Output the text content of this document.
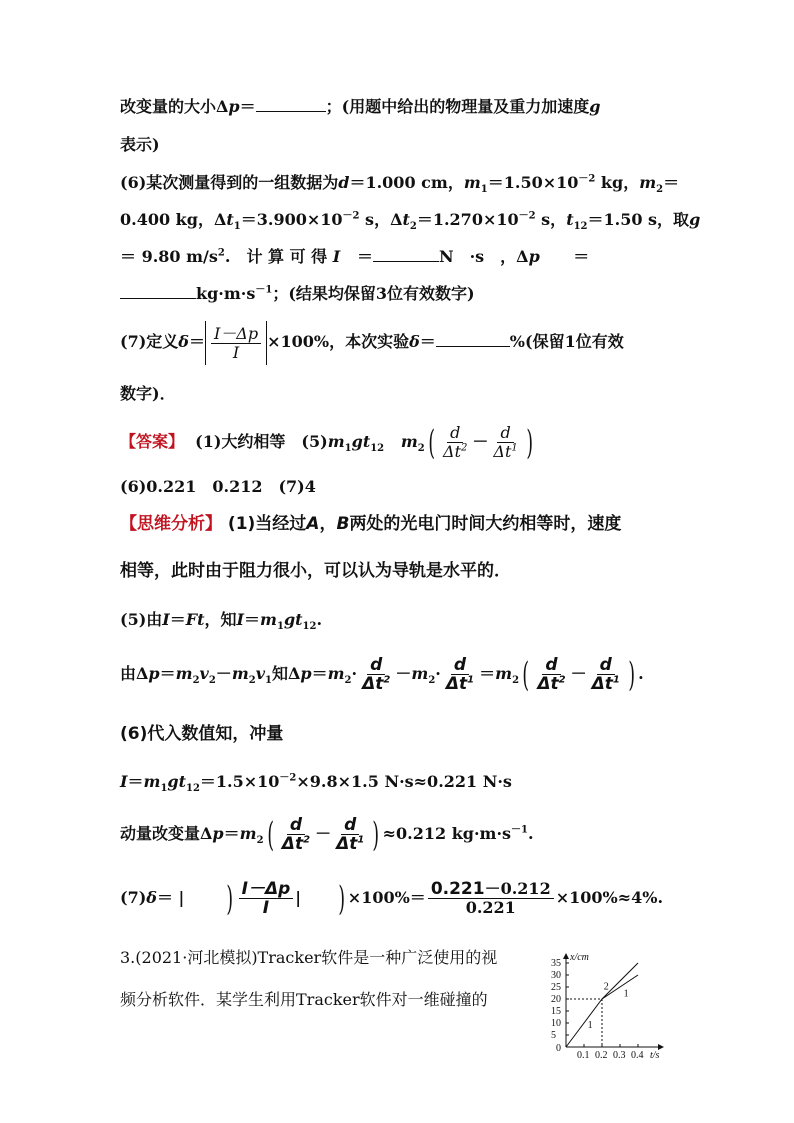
改变量的大小Δp＝	；(用题中给出的物理量及重力加速度g
表示)
(6)某次测量得到的一组数据为d＝1.000 cm，$m_1=1.50\times 10^{-2}$ kg，$m_2=$
0.400 kg，$\Delta t_1=3.900\times 10^{-2}$ s，$\Delta t_2=1.270\times 10^{-2}$ s，$t_{12}=1.50$ s，取g
＝ 9.80 $m/s^2$.　计 算 可 得 I ＝	N　·s　，Δp ＝
$kg\cdot m\cdot s^{-1}$；(结果均保留3位有效数字)
(7)定义$\delta= \frac{I-\Delta p}{I} \times 100\%$，本次实验δ＝	%(保留1位有效
数字)．
【答案】 (1)大约相等　$(5)m_1gt_{12}$ $m_2( \frac{d}{\Delta t^2} - \frac{d}{\Delta t^1}$ )
(6)0.221　0.212　(7)4
【思维分析】 (1)当经过A，B两处的光电门时间大约相等时，速度
相等，此时由于阻力很小，可以认为导轨是水平的．
(5)由I＝Ft，知$I=m_1gt_{12}$.
由$\Delta p=m_2v_2-m_2v_1$知$\Delta p=m_2\cdot \frac{d}{\Delta t^2} -m_2\cdot \frac{d}{\Delta t^1} =m_2( \frac{d}{\Delta t^2} - \frac{d}{\Delta t^1}$ ) .
(6)代入数值知，冲量
$I=m_1gt_{12}=1.5\times 10^{-2}\times 9.8\times 1.5$ N·s≈0.221 N·s
动量改变量$\Delta p=m_2( \frac{d}{\Delta t^2} - \frac{d}{\Delta t^1}$ ) ≈0.212 $kg\cdot m\cdot s^{-1}$.
(7)δ＝ |       ) $\frac{I-\Delta p}{I}$ |      ) $\times 100\%= \frac{0.221-0.212}{0.221} \times 100\%\approx 4\%$.
3.(2021·河北模拟)Tracker软件是一种广泛使用的视
频分析软件．某学生利用Tracker软件对一维碰撞的
x/cm
t/s
0
0.1 0.2 0.3 0.4
5
10
15
20
25
30
35
1
2
1
